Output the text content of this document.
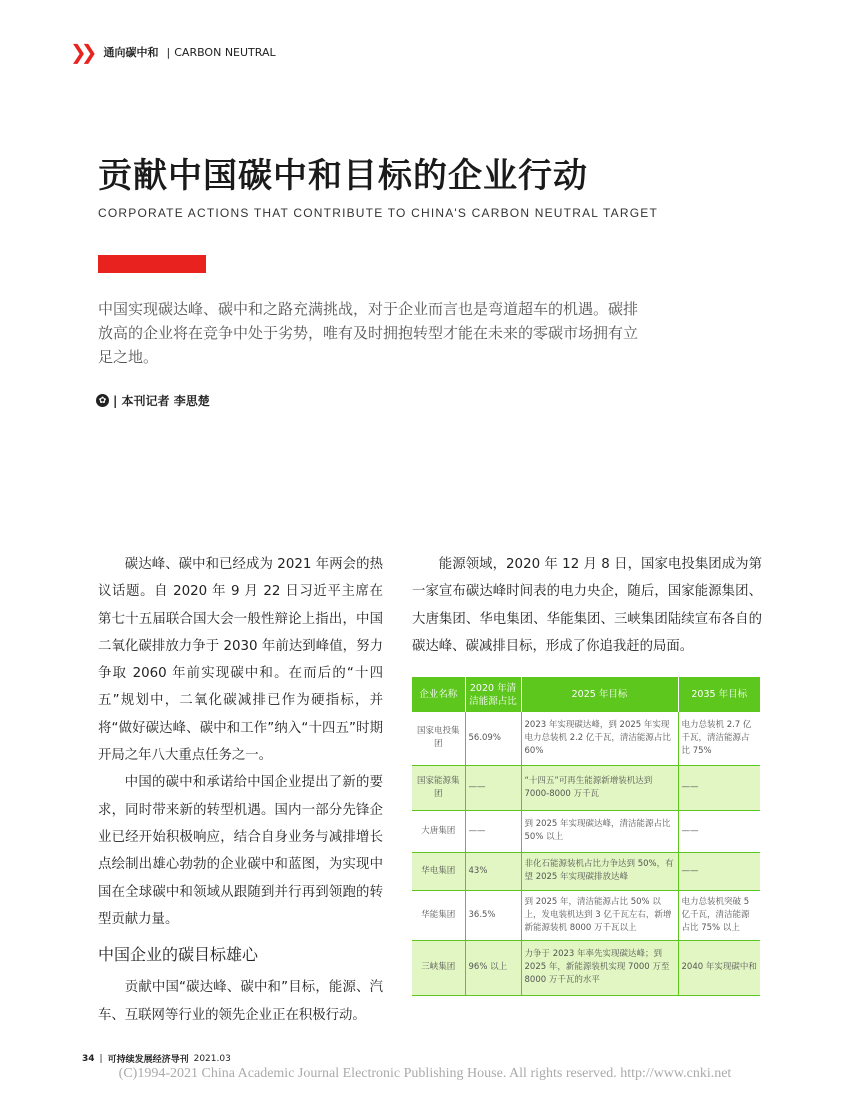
❯❯ 通向碳中和 | CARBON NEUTRAL
贡献中国碳中和目标的企业行动
CORPORATE ACTIONS THAT CONTRIBUTE TO CHINA'S CARBON NEUTRAL TARGET
中国实现碳达峰、碳中和之路充满挑战，对于企业而言也是弯道超车的机遇。碳排放高的企业将在竞争中处于劣势，唯有及时拥抱转型才能在未来的零碳市场拥有立足之地。
✿ | 本刊记者 李思楚

碳达峰、碳中和已经成为 2021 年两会的热议话题。自 2020 年 9 月 22 日习近平主席在第七十五届联合国大会一般性辩论上指出，中国二氧化碳排放力争于 2030 年前达到峰值，努力争取 2060 年前实现碳中和。在而后的“十四五”规划中，二氧化碳减排已作为硬指标，并将“做好碳达峰、碳中和工作”纳入“十四五”时期开局之年八大重点任务之一。

中国的碳中和承诺给中国企业提出了新的要求，同时带来新的转型机遇。国内一部分先锋企业已经开始积极响应，结合自身业务与减排增长点绘制出雄心勃勃的企业碳中和蓝图，为实现中国在全球碳中和领域从跟随到并行再到领跑的转型贡献力量。

中国企业的碳目标雄心

贡献中国“碳达峰、碳中和”目标，能源、汽车、互联网等行业的领先企业正在积极行动。

能源领域，2020 年 12 月 8 日，国家电投集团成为第一家宣布碳达峰时间表的电力央企，随后，国家能源集团、大唐集团、华电集团、华能集团、三峡集团陆续宣布各自的碳达峰、碳减排目标，形成了你追我赶的局面。

企业名称	2020 年清洁能源占比	2025 年目标	2035 年目标
国家电投集团	56.09%	2023 年实现碳达峰，到 2025 年实现电力总装机 2.2 亿千瓦，清洁能源占比 60%	电力总装机 2.7 亿千瓦，清洁能源占比 75%
国家能源集团	——	“十四五”可再生能源新增装机达到 7000-8000 万千瓦	——
大唐集团	——	到 2025 年实现碳达峰，清洁能源占比 50% 以上	——
华电集团	43%	非化石能源装机占比力争达到 50%，有望 2025 年实现碳排放达峰	——
华能集团	36.5%	到 2025 年，清洁能源占比 50% 以上，发电装机达到 3 亿千瓦左右，新增新能源装机 8000 万千瓦以上	电力总装机突破 5 亿千瓦，清洁能源占比 75% 以上
三峡集团	96% 以上	力争于 2023 年率先实现碳达峰；到 2025 年，新能源装机实现 7000 万至 8000 万千瓦的水平	2040 年实现碳中和
34 | 可持续发展经济导刊 2021.03
(C)1994-2021 China Academic Journal Electronic Publishing House. All rights reserved. http://www.cnki.net
